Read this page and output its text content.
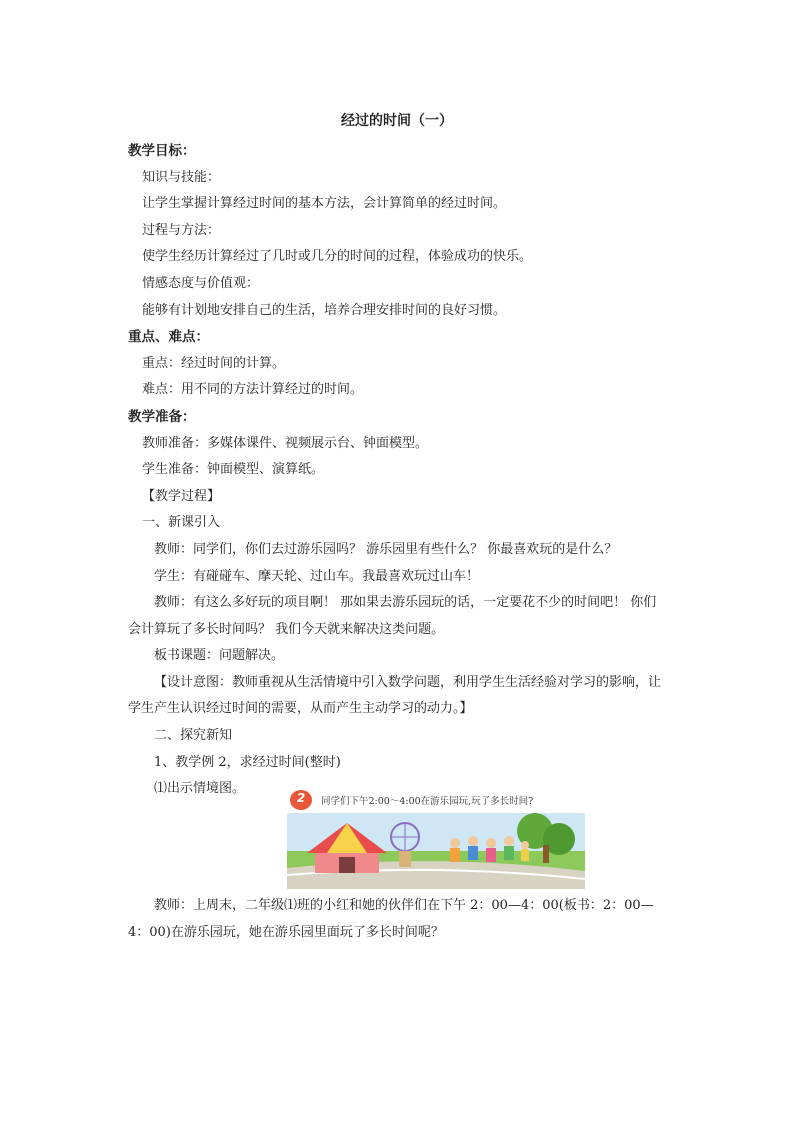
经过的时间（一）

教学目标：

知识与技能：

让学生掌握计算经过时间的基本方法，会计算简单的经过时间。

过程与方法：

使学生经历计算经过了几时或几分的时间的过程，体验成功的快乐。

情感态度与价值观：

能够有计划地安排自己的生活，培养合理安排时间的良好习惯。

重点、难点：

重点：经过时间的计算。

难点：用不同的方法计算经过的时间。

教学准备：

教师准备：多媒体课件、视频展示台、钟面模型。

学生准备：钟面模型、演算纸。

【教学过程】

一、新课引入

教师：同学们，你们去过游乐园吗？ 游乐园里有些什么？ 你最喜欢玩的是什么？

学生：有碰碰车、摩天轮、过山车。我最喜欢玩过山车！

教师：有这么多好玩的项目啊！ 那如果去游乐园玩的话，一定要花不少的时间吧！ 你们会计算玩了多长时间吗？ 我们今天就来解决这类问题。

板书课题：问题解决。

【设计意图：教师重视从生活情境中引入数学问题，利用学生生活经验对学习的影响，让学生产生认识经过时间的需要，从而产生主动学习的动力。】

二、探究新知

1、教学例 2，求经过时间(整时)

⑴出示情境图。

2	同学们下午2:00～4:00在游乐园玩,玩了多长时间?

教师：上周末，二年级⑴班的小红和她的伙伴们在下午 2：00—4：00(板书：2：00—4：00)在游乐园玩，她在游乐园里面玩了多长时间呢？
